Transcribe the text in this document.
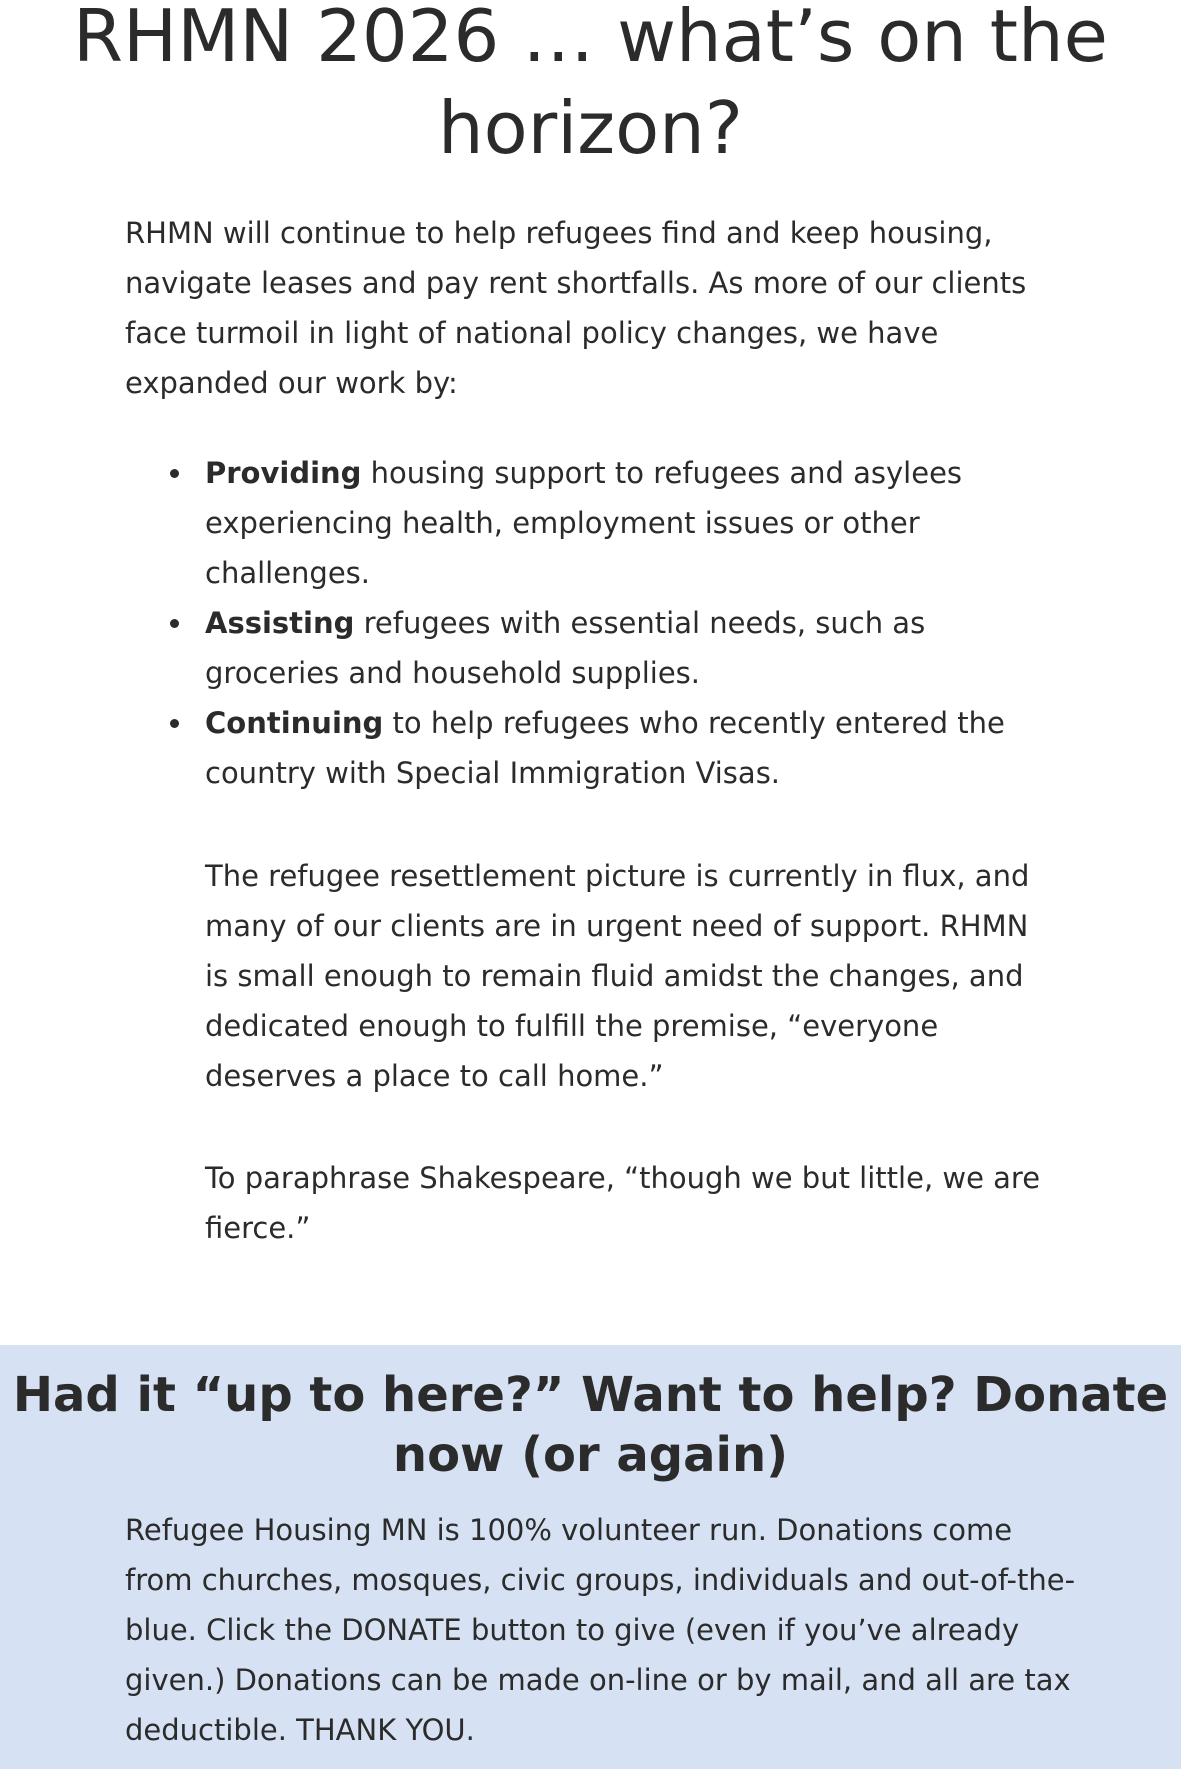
RHMN 2026 … what’s on the horizon?

RHMN will continue to help refugees find and keep housing, navigate leases and pay rent shortfalls. As more of our clients face turmoil in light of national policy changes, we have expanded our work by:

Providing housing support to refugees and asylees experiencing health, employment issues or other challenges.
Assisting refugees with essential needs, such as groceries and household supplies.
Continuing to help refugees who recently entered the country with Special Immigration Visas.

The refugee resettlement picture is currently in flux, and many of our clients are in urgent need of support. RHMN is small enough to remain fluid amidst the changes, and dedicated enough to fulfill the premise, “everyone deserves a place to call home.”

To paraphrase Shakespeare, “though we but little, we are fierce.”

Had it “up to here?” Want to help? Donate now (or again)

Refugee Housing MN is 100% volunteer run. Donations come from churches, mosques, civic groups, individuals and out-of-the-blue. Click the DONATE button to give (even if you’ve already given.) Donations can be made on-line or by mail, and all are tax deductible. THANK YOU.
